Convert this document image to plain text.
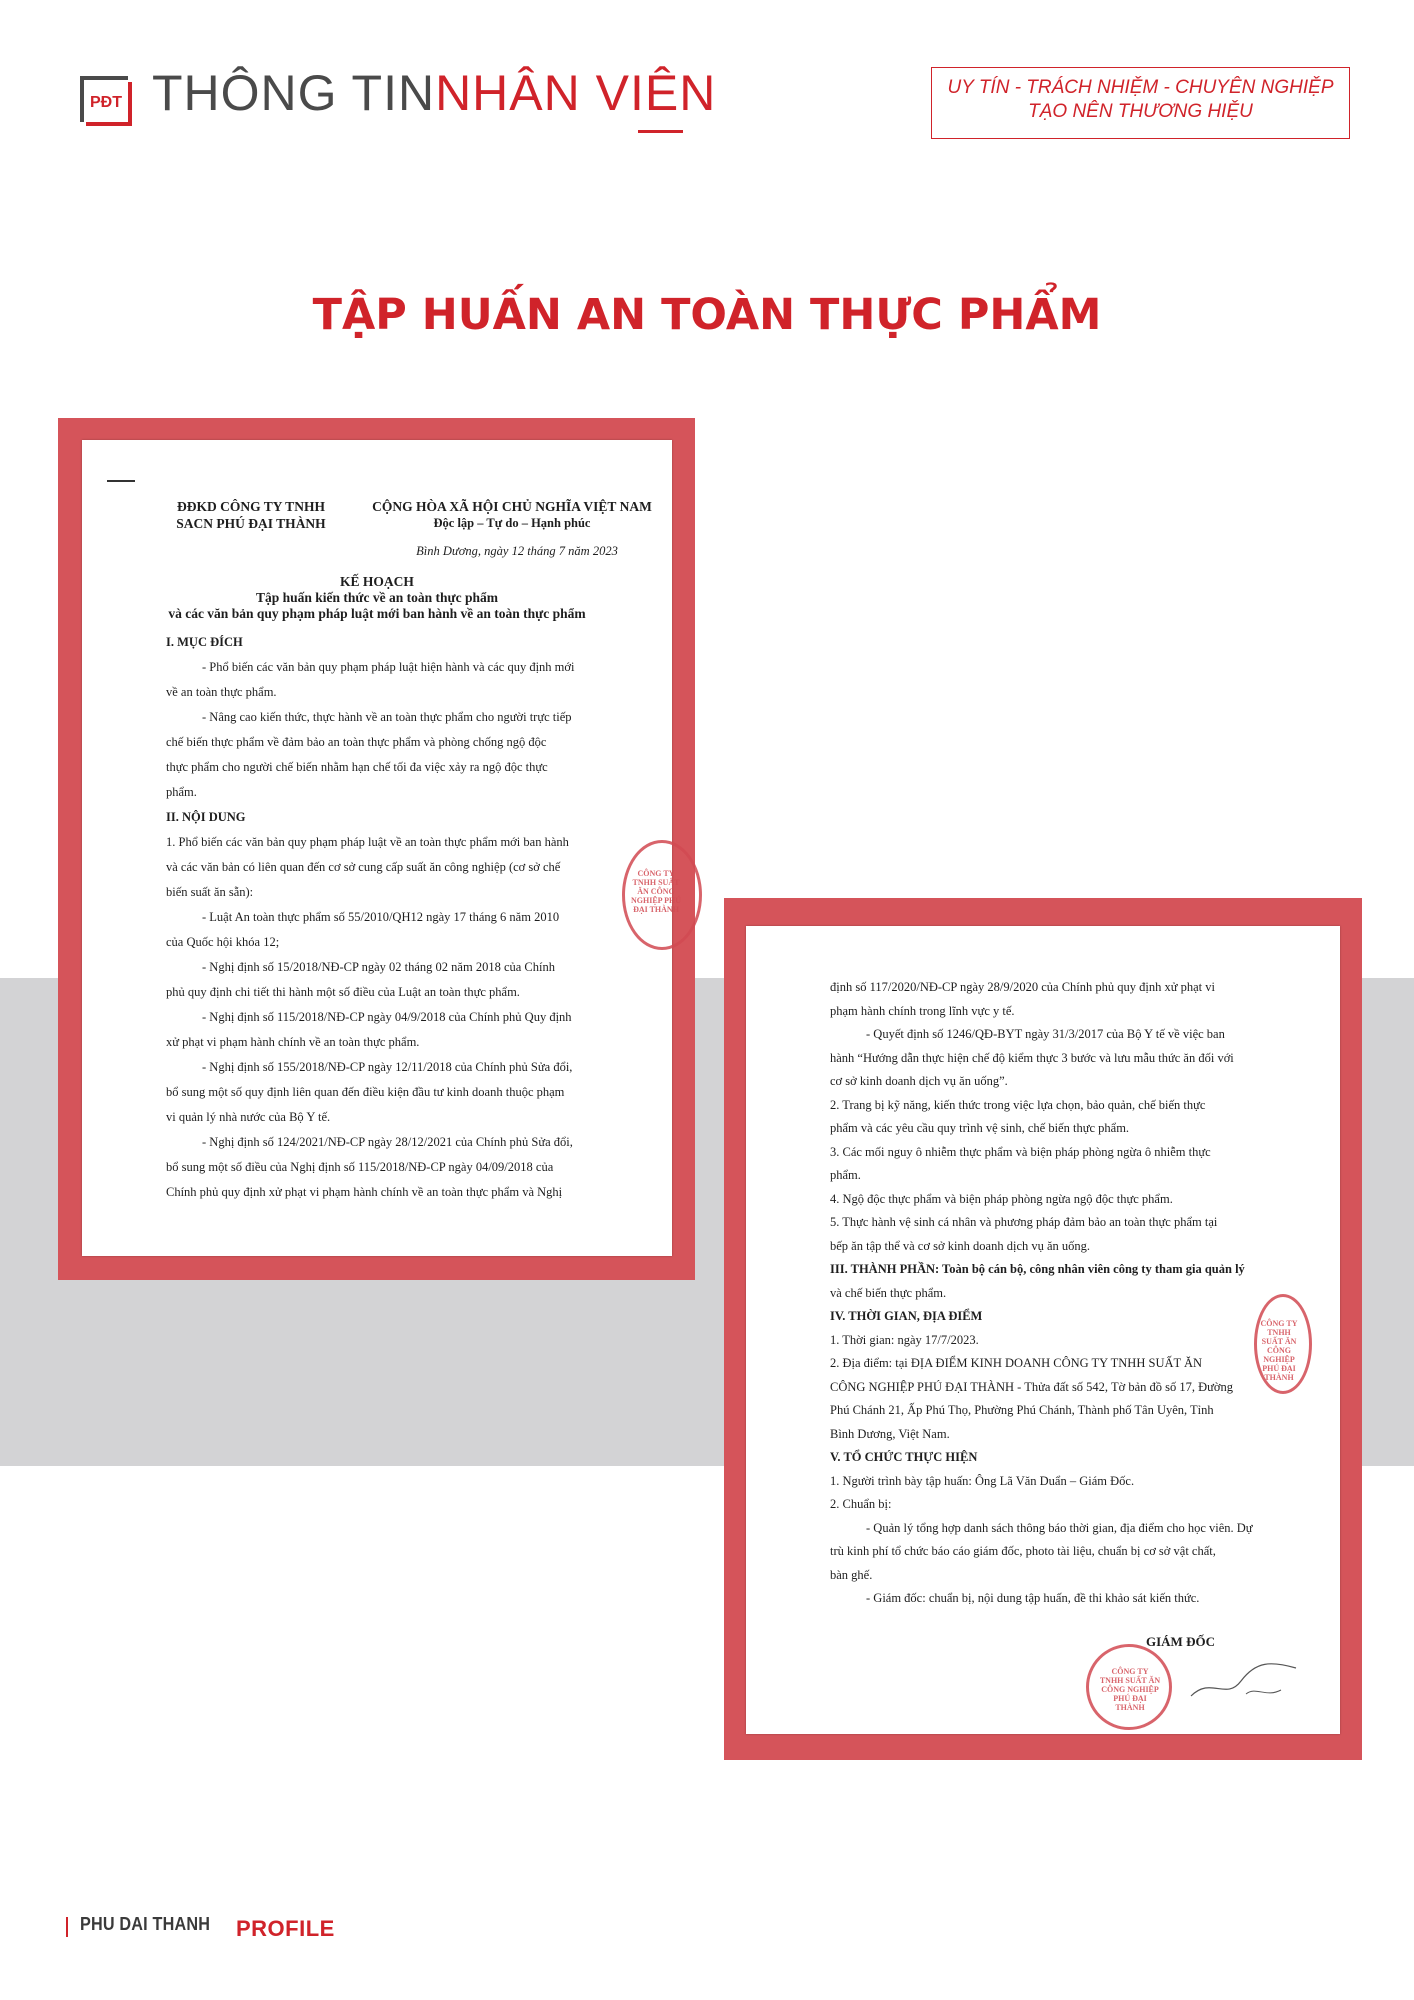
PĐT THÔNG TINNHÂN VIÊN	UY TÍN - TRÁCH NHIỆM - CHUYÊN NGHIỆP
TẠO NÊN THƯƠNG HIỆU
TẬP HUẤN AN TOÀN THỰC PHẨM
ĐĐKD CÔNG TY TNHH
SACN PHÚ ĐẠI THÀNH
CỘNG HÒA XÃ HỘI CHỦ NGHĨA VIỆT NAM
Độc lập – Tự do – Hạnh phúc
Bình Dương, ngày 12 tháng 7 năm 2023
KẾ HOẠCH
Tập huấn kiến thức về an toàn thực phẩm
và các văn bản quy phạm pháp luật mới ban hành về an toàn thực phẩm
I. MỤC ĐÍCH
- Phổ biến các văn bản quy phạm pháp luật hiện hành và các quy định mới
về an toàn thực phẩm.
- Nâng cao kiến thức, thực hành về an toàn thực phẩm cho người trực tiếp
chế biến thực phẩm về đảm bảo an toàn thực phẩm và phòng chống ngộ độc
thực phẩm cho người chế biến nhằm hạn chế tối đa việc xảy ra ngộ độc thực
phẩm.
II. NỘI DUNG
1. Phổ biến các văn bản quy phạm pháp luật về an toàn thực phẩm mới ban hành
và các văn bản có liên quan đến cơ sở cung cấp suất ăn công nghiệp (cơ sở chế
biến suất ăn sẵn):
- Luật An toàn thực phẩm số 55/2010/QH12 ngày 17 tháng 6 năm 2010
của Quốc hội khóa 12;
- Nghị định số 15/2018/NĐ-CP ngày 02 tháng 02 năm 2018 của Chính
phủ quy định chi tiết thi hành một số điều của Luật an toàn thực phẩm.
- Nghị định số 115/2018/NĐ-CP ngày 04/9/2018 của Chính phủ Quy định
xử phạt vi phạm hành chính về an toàn thực phẩm.
- Nghị định số 155/2018/NĐ-CP ngày 12/11/2018 của Chính phủ Sửa đổi,
bổ sung một số quy định liên quan đến điều kiện đầu tư kinh doanh thuộc phạm
vi quản lý nhà nước của Bộ Y tế.
- Nghị định số 124/2021/NĐ-CP ngày 28/12/2021 của Chính phủ Sửa đổi,
bổ sung một số điều của Nghị định số 115/2018/NĐ-CP ngày 04/09/2018 của
Chính phủ quy định xử phạt vi phạm hành chính về an toàn thực phẩm và Nghị
CÔNG TY TNHH SUẤT ĂN CÔNG NGHIỆP PHÚ ĐẠI THÀNH
định số 117/2020/NĐ-CP ngày 28/9/2020 của Chính phủ quy định xử phạt vi
phạm hành chính trong lĩnh vực y tế.
- Quyết định số 1246/QĐ-BYT ngày 31/3/2017 của Bộ Y tế về việc ban
hành “Hướng dẫn thực hiện chế độ kiểm thực 3 bước và lưu mẫu thức ăn đối với
cơ sở kinh doanh dịch vụ ăn uống”.
2. Trang bị kỹ năng, kiến thức trong việc lựa chọn, bảo quản, chế biến thực
phẩm và các yêu cầu quy trình vệ sinh, chế biến thực phẩm.
3. Các mối nguy ô nhiễm thực phẩm và biện pháp phòng ngừa ô nhiễm thực
phẩm.
4. Ngộ độc thực phẩm và biện pháp phòng ngừa ngộ độc thực phẩm.
5. Thực hành vệ sinh cá nhân và phương pháp đảm bảo an toàn thực phẩm tại
bếp ăn tập thể và cơ sở kinh doanh dịch vụ ăn uống.
III. THÀNH PHẦN: Toàn bộ cán bộ, công nhân viên công ty tham gia quản lý
và chế biến thực phẩm.
IV. THỜI GIAN, ĐỊA ĐIỂM
1. Thời gian: ngày 17/7/2023.
2. Địa điểm: tại ĐỊA ĐIỂM KINH DOANH CÔNG TY TNHH SUẤT ĂN
CÔNG NGHIỆP PHÚ ĐẠI THÀNH - Thửa đất số 542, Tờ bản đồ số 17, Đường
Phú Chánh 21, Ấp Phú Thọ, Phường Phú Chánh, Thành phố Tân Uyên, Tỉnh
Bình Dương, Việt Nam.
V. TỔ CHỨC THỰC HIỆN
1. Người trình bày tập huấn: Ông Lã Văn Duẩn – Giám Đốc.
2. Chuẩn bị:
- Quản lý tổng hợp danh sách thông báo thời gian, địa điểm cho học viên. Dự
trù kinh phí tổ chức báo cáo giám đốc, photo tài liệu, chuẩn bị cơ sở vật chất,
bàn ghế.
- Giám đốc: chuẩn bị, nội dung tập huấn, đề thi khảo sát kiến thức.
CÔNG TY TNHH SUẤT ĂN CÔNG NGHIỆP PHÚ ĐẠI THÀNH
GIÁM ĐỐC
CÔNG TY TNHH SUẤT ĂN CÔNG NGHIỆP PHÚ ĐẠI THÀNH
PHU DAI THANH PROFILE
